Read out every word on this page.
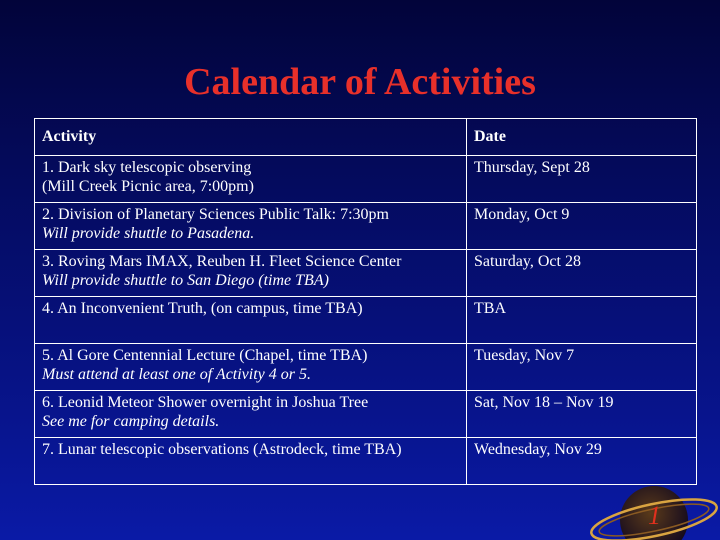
Calendar of Activities
Activity	Date

1. Dark sky telescopic observing
(Mill Creek Picnic area, 7:00pm)	Thursday, Sept 28

2. Division of Planetary Sciences Public Talk: 7:30pm
Will provide shuttle to Pasadena.	Monday, Oct 9

3. Roving Mars IMAX, Reuben H. Fleet Science Center
Will provide shuttle to San Diego (time TBA)	Saturday, Oct 28

4. An Inconvenient Truth, (on campus, time TBA)	TBA

5. Al Gore Centennial Lecture (Chapel, time TBA)
Must attend at least one of Activity 4 or 5.	Tuesday, Nov 7

6. Leonid Meteor Shower overnight in Joshua Tree
See me for camping details.	Sat, Nov 18 – Nov 19

7. Lunar telescopic observations (Astrodeck, time TBA)	Wednesday, Nov 29
1
